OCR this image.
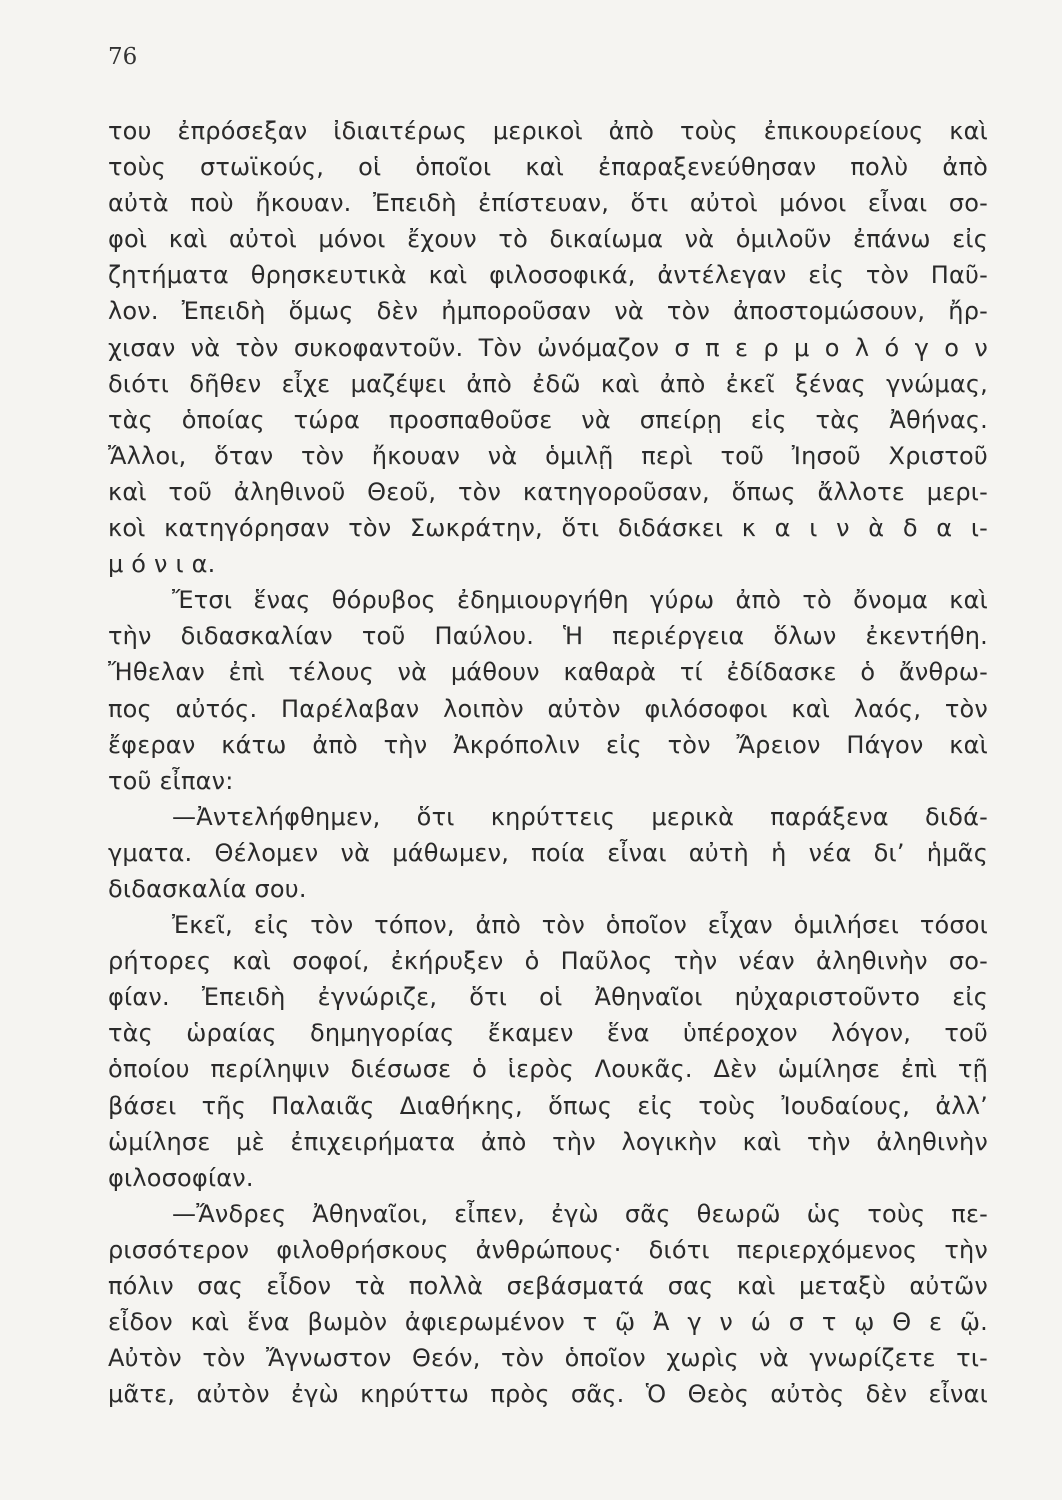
76
του ἐπρόσεξαν ἰδιαιτέρως μερικοὶ ἀπὸ τοὺς ἐπικουρείους καὶ
τοὺς στωϊκούς, οἱ ὁποῖοι καὶ ἐπαραξενεύθησαν πολὺ ἀπὸ
αὐτὰ ποὺ ἤκουαν. Ἐπειδὴ ἐπίστευαν, ὅτι αὐτοὶ μόνοι εἶναι σο-
φοὶ καὶ αὐτοὶ μόνοι ἔχουν τὸ δικαίωμα νὰ ὁμιλοῦν ἐπάνω εἰς
ζητήματα θρησκευτικὰ καὶ φιλοσοφικά, ἀντέλεγαν εἰς τὸν Παῦ-
λον. Ἐπειδὴ ὅμως δὲν ἠμποροῦσαν νὰ τὸν ἀποστομώσουν, ἤρ-
χισαν νὰ τὸν συκοφαντοῦν. Τὸν ὠνόμαζον σ π ε ρ μ ο λ ό γ ο ν
διότι δῆθεν εἶχε μαζέψει ἀπὸ ἐδῶ καὶ ἀπὸ ἐκεῖ ξένας γνώμας,
τὰς ὁποίας τώρα προσπαθοῦσε νὰ σπείρῃ εἰς τὰς Ἀθήνας.
Ἄλλοι, ὅταν τὸν ἤκουαν νὰ ὁμιλῇ περὶ τοῦ Ἰησοῦ Χριστοῦ
καὶ τοῦ ἀληθινοῦ Θεοῦ, τὸν κατηγοροῦσαν, ὅπως ἄλλοτε μερι-
κοὶ κατηγόρησαν τὸν Σωκράτην, ὅτι διδάσκει κ α ι ν ὰ δ α ι-
μ ό ν ι α.
Ἔτσι ἕνας θόρυβος ἐδημιουργήθη γύρω ἀπὸ τὸ ὄνομα καὶ
τὴν διδασκαλίαν τοῦ Παύλου. Ἡ περιέργεια ὅλων ἐκεντήθη.
Ἤθελαν ἐπὶ τέλους νὰ μάθουν καθαρὰ τί ἐδίδασκε ὁ ἄνθρω-
πος αὐτός. Παρέλαβαν λοιπὸν αὐτὸν φιλόσοφοι καὶ λαός, τὸν
ἔφεραν κάτω ἀπὸ τὴν Ἀκρόπολιν εἰς τὸν Ἄρειον Πάγον καὶ
τοῦ εἶπαν:
—Ἀντελήφθημεν, ὅτι κηρύττεις μερικὰ παράξενα διδά-
γματα. Θέλομεν νὰ μάθωμεν, ποία εἶναι αὐτὴ ἡ νέα δι’ ἡμᾶς
διδασκαλία σου.
Ἐκεῖ, εἰς τὸν τόπον, ἀπὸ τὸν ὁποῖον εἶχαν ὁμιλήσει τόσοι
ρήτορες καὶ σοφοί, ἐκήρυξεν ὁ Παῦλος τὴν νέαν ἀληθινὴν σο-
φίαν. Ἐπειδὴ ἐγνώριζε, ὅτι οἱ Ἀθηναῖοι ηὐχαριστοῦντο εἰς
τὰς ὡραίας δημηγορίας ἔκαμεν ἕνα ὑπέροχον λόγον, τοῦ
ὁποίου περίληψιν διέσωσε ὁ ἱερὸς Λουκᾶς. Δὲν ὡμίλησε ἐπὶ τῇ
βάσει τῆς Παλαιᾶς Διαθήκης, ὅπως εἰς τοὺς Ἰουδαίους, ἀλλ’
ὡμίλησε μὲ ἐπιχειρήματα ἀπὸ τὴν λογικὴν καὶ τὴν ἀληθινὴν
φιλοσοφίαν.
—Ἄνδρες Ἀθηναῖοι, εἶπεν, ἐγὼ σᾶς θεωρῶ ὡς τοὺς πε-
ρισσότερον φιλοθρήσκους ἀνθρώπους· διότι περιερχόμενος τὴν
πόλιν σας εἶδον τὰ πολλὰ σεβάσματά σας καὶ μεταξὺ αὐτῶν
εἶδον καὶ ἕνα βωμὸν ἀφιερωμένον τ ῷ Ἀ γ ν ώ σ τ ῳ Θ ε ῷ.
Αὐτὸν τὸν Ἄγνωστον Θεόν, τὸν ὁποῖον χωρὶς νὰ γνωρίζετε τι-
μᾶτε, αὐτὸν ἐγὼ κηρύττω πρὸς σᾶς. Ὁ Θεὸς αὐτὸς δὲν εἶναι
